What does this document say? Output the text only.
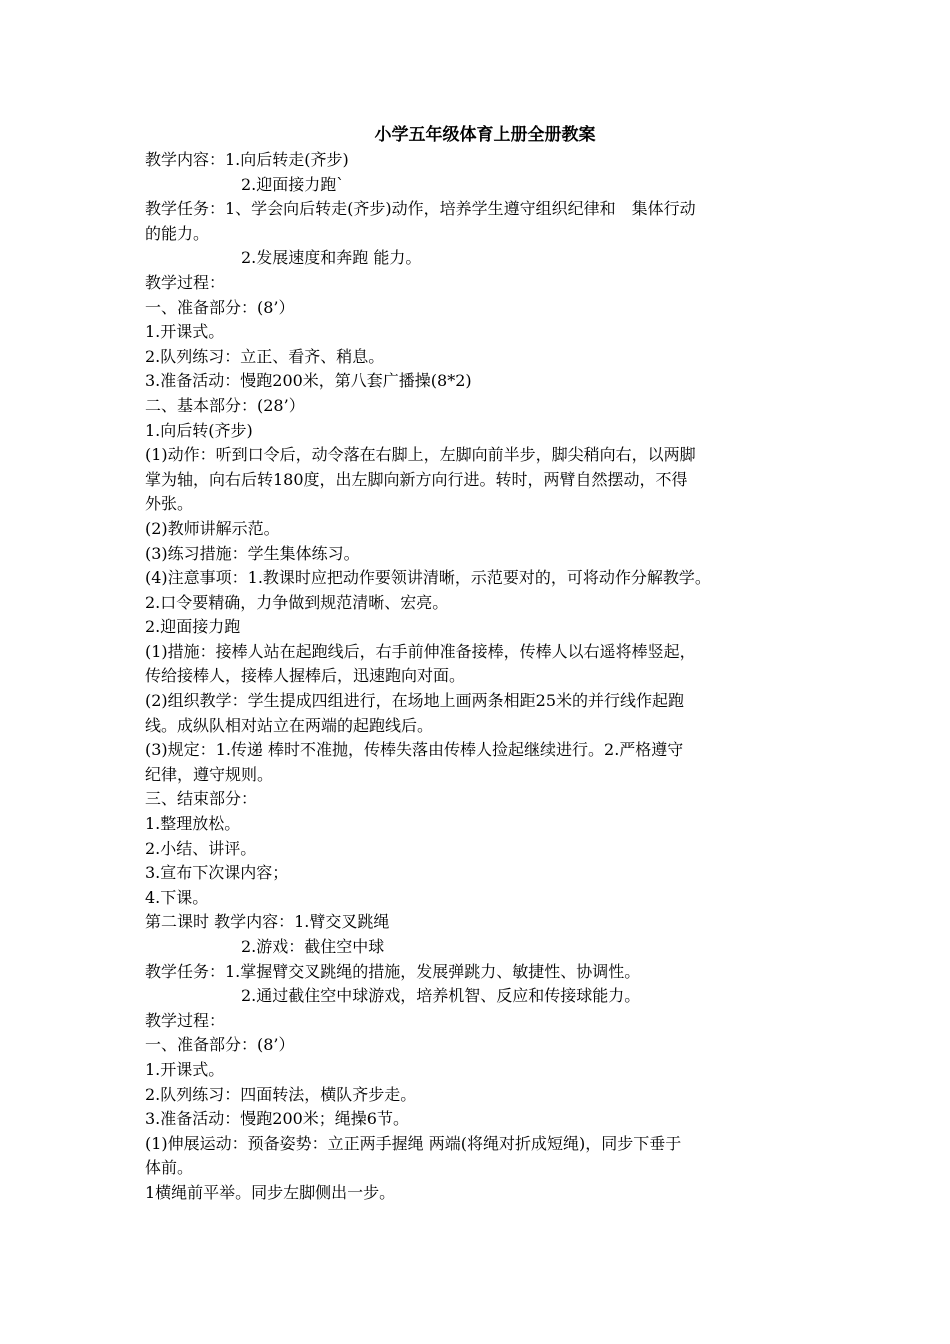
小学五年级体育上册全册教案
教学内容：1.向后转走(齐步)
2.迎面接力跑`
教学任务：1、学会向后转走(齐步)动作，培养学生遵守组织纪律和　集体行动
的能力。
2.发展速度和奔跑 能力。
教学过程：
一、准备部分：(8’）
1.开课式。
2.队列练习：立正、看齐、稍息。
3.准备活动：慢跑200米，第八套广播操(8*2)
二、基本部分：(28’）
1.向后转(齐步)
(1)动作：听到口令后，动令落在右脚上，左脚向前半步，脚尖稍向右，以两脚
掌为轴，向右后转180度，出左脚向新方向行进。转时，两臂自然摆动，不得
外张。
(2)教师讲解示范。
(3)练习措施：学生集体练习。
(4)注意事项：1.教课时应把动作要领讲清晰，示范要对的，可将动作分解教学。
2.口令要精确，力争做到规范清晰、宏亮。
2.迎面接力跑
(1)措施：接棒人站在起跑线后，右手前伸准备接棒，传棒人以右遥将棒竖起，
传给接棒人，接棒人握棒后，迅速跑向对面。
(2)组织教学：学生提成四组进行，在场地上画两条相距25米的并行线作起跑
线。成纵队相对站立在两端的起跑线后。
(3)规定：1.传递 棒时不准抛，传棒失落由传棒人捡起继续进行。2.严格遵守
纪律，遵守规则。
三、结束部分：
1.整理放松。
2.小结、讲评。
3.宣布下次课内容；
4.下课。
第二课时 教学内容：1.臂交叉跳绳
2.游戏：截住空中球
教学任务：1.掌握臂交叉跳绳的措施，发展弹跳力、敏捷性、协调性。
2.通过截住空中球游戏，培养机智、反应和传接球能力。
教学过程：
一、准备部分：(8’）
1.开课式。
2.队列练习：四面转法，横队齐步走。
3.准备活动：慢跑200米；绳操6节。
(1)伸展运动：预备姿势：立正两手握绳 两端(将绳对折成短绳)，同步下垂于
体前。
1横绳前平举。同步左脚侧出一步。
